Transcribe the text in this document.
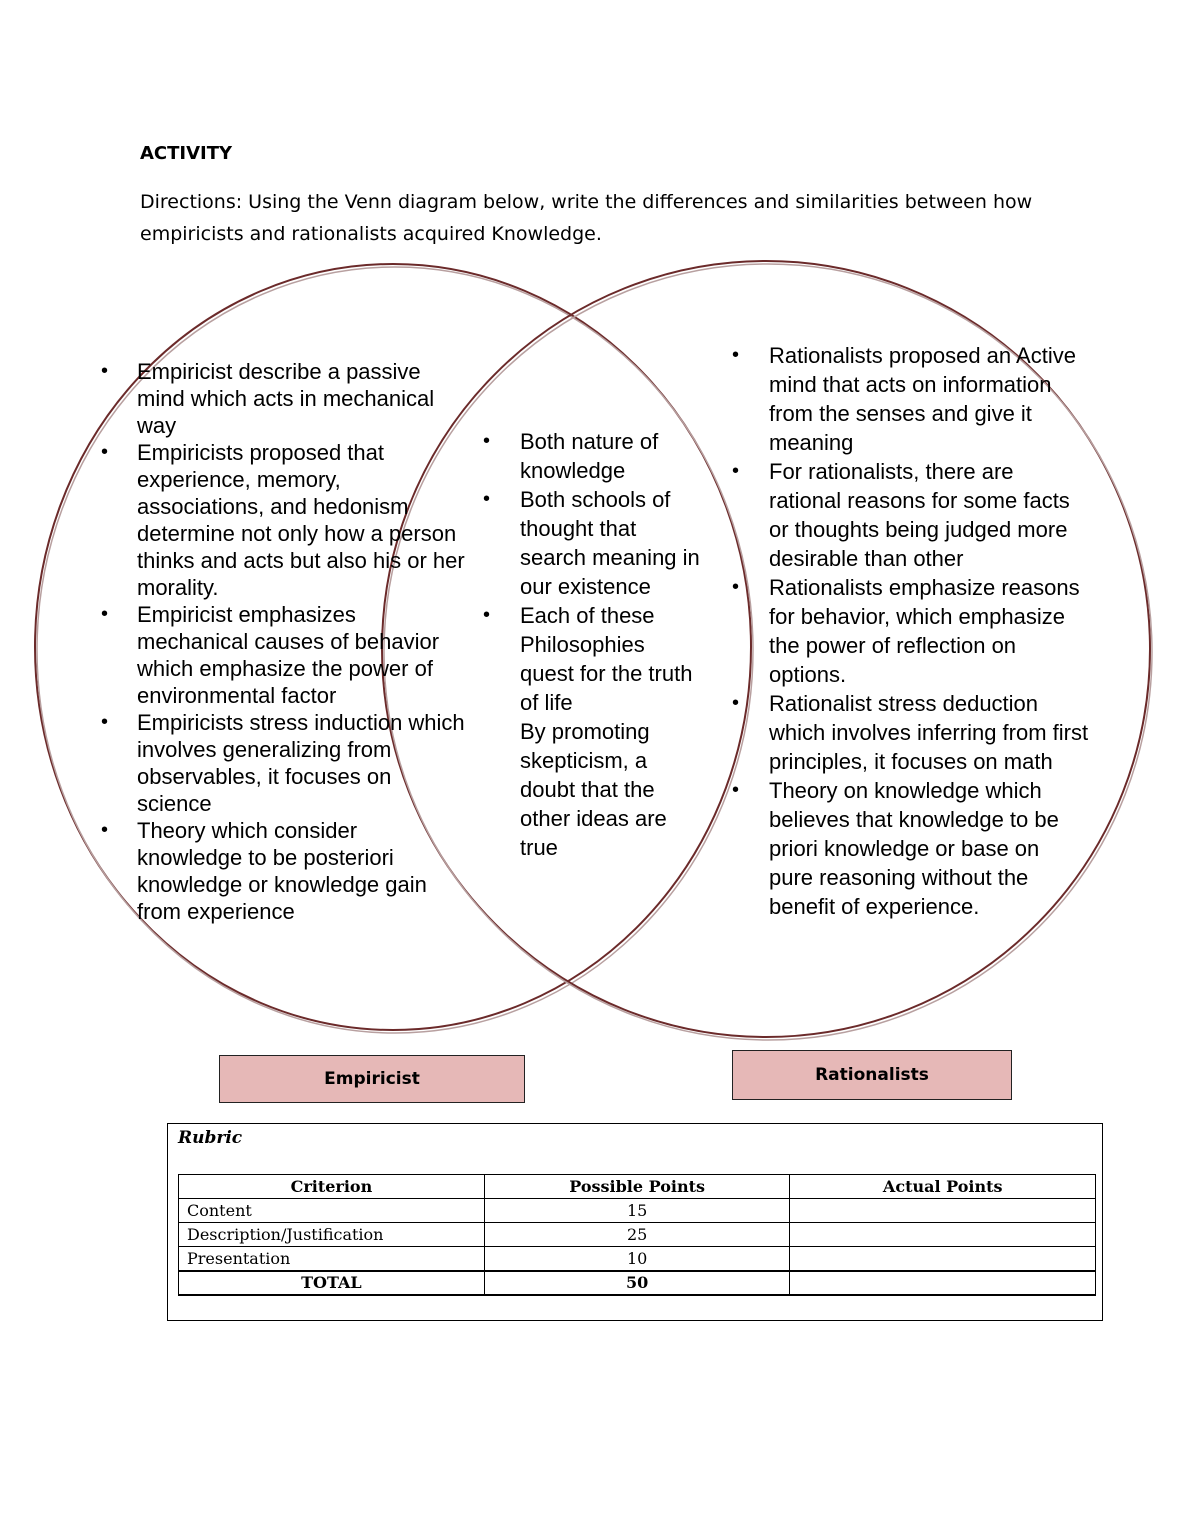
ACTIVITY
Directions: Using the Venn diagram below, write the differences and similarities between how empiricists and rationalists acquired Knowledge.
• Empiricist describe a passive mind which acts in mechanical way
• Empiricists proposed that experience, memory, associations, and hedonism determine not only how a person thinks and acts but also his or her morality.
• Empiricist emphasizes mechanical causes of behavior which emphasize the power of environmental factor
• Empiricists stress induction which involves generalizing from observables, it focuses on science
• Theory which consider knowledge to be posteriori knowledge or knowledge gain from experience
• Both nature of knowledge
• Both schools of thought that search meaning in our existence
• Each of these Philosophies quest for the truth of life
By promoting skepticism, a doubt that the other ideas are true
• Rationalists proposed an Active mind that acts on information from the senses and give it meaning
• For rationalists, there are rational reasons for some facts or thoughts being judged more desirable than other
• Rationalists emphasize reasons for behavior, which emphasize the power of reflection on options.
• Rationalist stress deduction which involves inferring from first principles, it focuses on math
• Theory on knowledge which believes that knowledge to be priori knowledge or base on pure reasoning without the benefit of experience.
Empiricist	Rationalists
Rubric
Criterion	Possible Points	Actual Points
Content	15	
Description/Justification	25	
Presentation	10	
TOTAL	50	
